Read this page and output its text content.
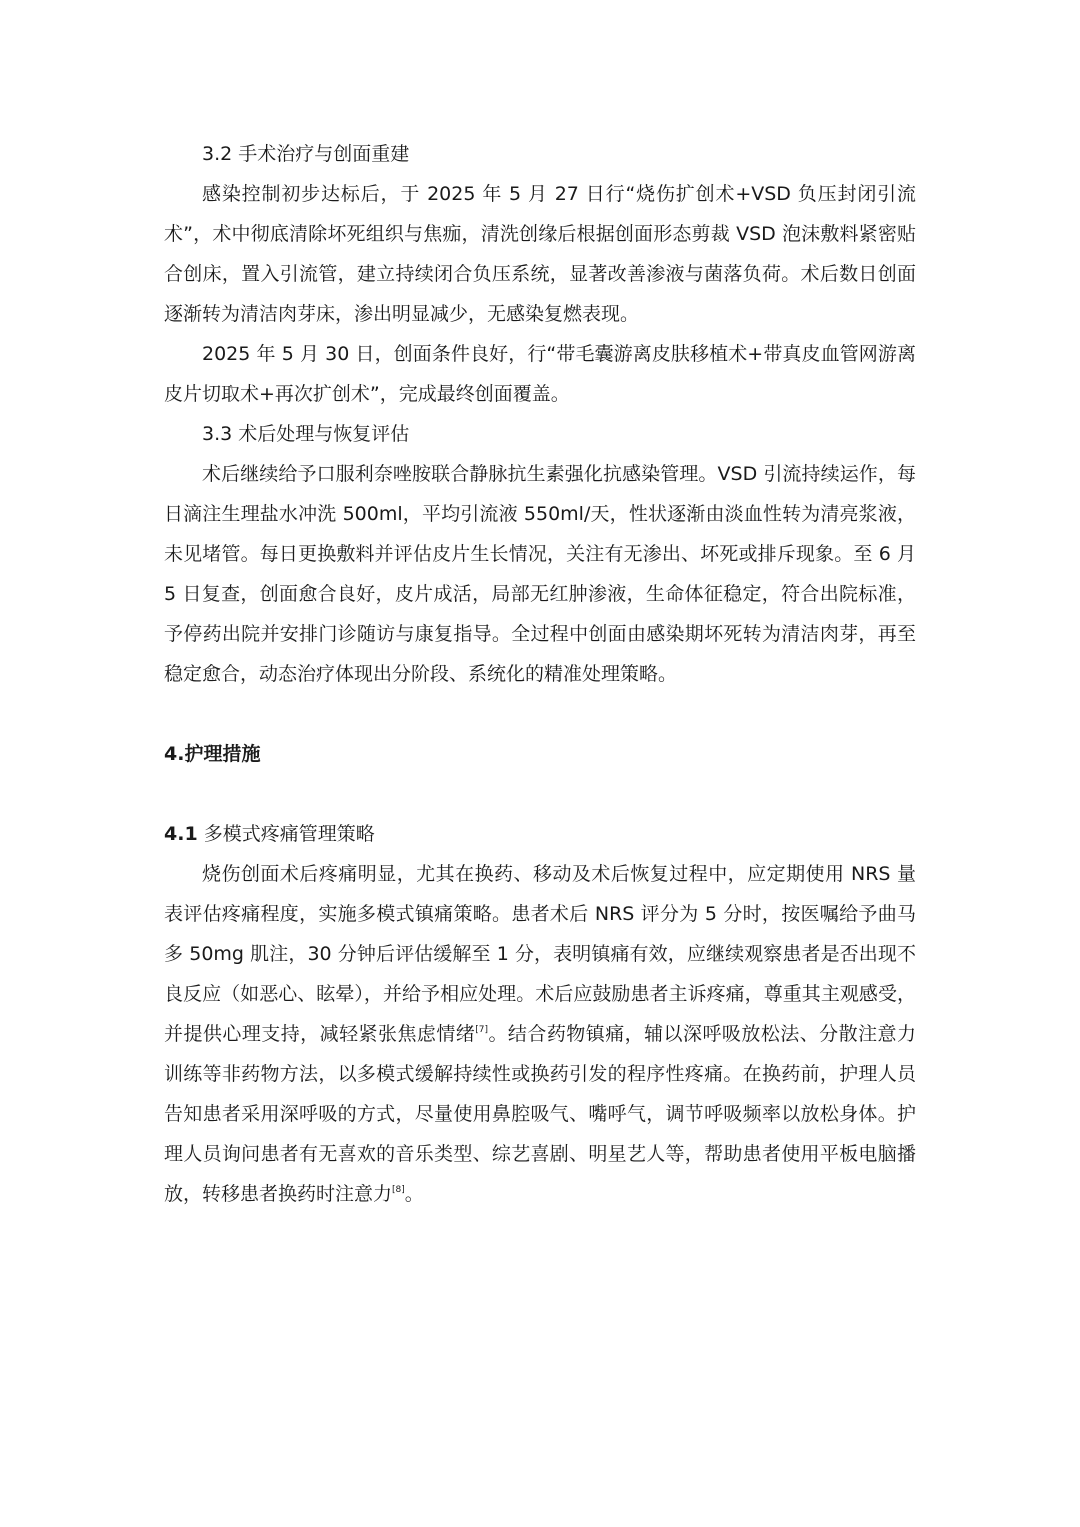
3.2 手术治疗与创面重建

感染控制初步达标后，于 2025 年 5 月 27 日行“烧伤扩创术+VSD 负压封闭引流术”，术中彻底清除坏死组织与焦痂，清洗创缘后根据创面形态剪裁 VSD 泡沫敷料紧密贴合创床，置入引流管，建立持续闭合负压系统，显著改善渗液与菌落负荷。术后数日创面逐渐转为清洁肉芽床，渗出明显减少，无感染复燃表现。

2025 年 5 月 30 日，创面条件良好，行“带毛囊游离皮肤移植术+带真皮血管网游离皮片切取术+再次扩创术”，完成最终创面覆盖。

3.3 术后处理与恢复评估

术后继续给予口服利奈唑胺联合静脉抗生素强化抗感染管理。VSD 引流持续运作，每日滴注生理盐水冲洗 500ml，平均引流液 550ml/天，性状逐渐由淡血性转为清亮浆液，未见堵管。每日更换敷料并评估皮片生长情况，关注有无渗出、坏死或排斥现象。至 6 月 5 日复查，创面愈合良好，皮片成活，局部无红肿渗液，生命体征稳定，符合出院标准，予停药出院并安排门诊随访与康复指导。全过程中创面由感染期坏死转为清洁肉芽，再至稳定愈合，动态治疗体现出分阶段、系统化的精准处理策略。

4.护理措施
4.1 多模式疼痛管理策略

烧伤创面术后疼痛明显，尤其在换药、移动及术后恢复过程中，应定期使用 NRS 量表评估疼痛程度，实施多模式镇痛策略。患者术后 NRS 评分为 5 分时，按医嘱给予曲马多 50mg 肌注，30 分钟后评估缓解至 1 分，表明镇痛有效，应继续观察患者是否出现不良反应（如恶心、眩晕），并给予相应处理。术后应鼓励患者主诉疼痛，尊重其主观感受，并提供心理支持，减轻紧张焦虑情绪[7]。结合药物镇痛，辅以深呼吸放松法、分散注意力训练等非药物方法，以多模式缓解持续性或换药引发的程序性疼痛。在换药前，护理人员告知患者采用深呼吸的方式，尽量使用鼻腔吸气、嘴呼气，调节呼吸频率以放松身体。护理人员询问患者有无喜欢的音乐类型、综艺喜剧、明星艺人等，帮助患者使用平板电脑播放，转移患者换药时注意力[8]。
